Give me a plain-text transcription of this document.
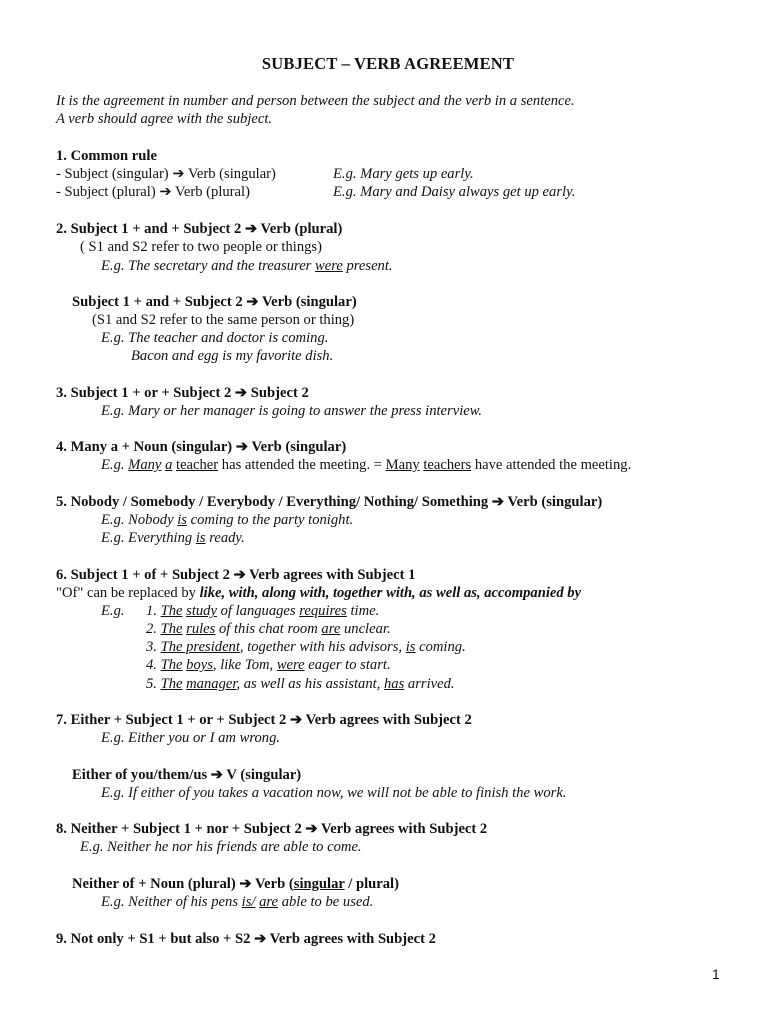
SUBJECT – VERB AGREEMENT
It is the agreement in number and person between the subject and the verb in a sentence.
A verb should agree with the subject.
1. Common rule
- Subject (singular) ➔ Verb (singular)	E.g. Mary gets up early.
- Subject (plural) ➔ Verb (plural)	E.g. Mary and Daisy always get up early.
2. Subject 1 + and + Subject 2 ➔ Verb (plural)
( S1 and S2 refer to two people or things)
E.g. The secretary and the treasurer were present.
Subject 1 + and + Subject 2 ➔ Verb (singular)
(S1 and S2 refer to the same person or thing)
E.g. The teacher and doctor is coming.
Bacon and egg is my favorite dish.
3. Subject 1 + or + Subject 2 ➔ Subject 2
E.g. Mary or her manager is going to answer the press interview.
4. Many a + Noun (singular) ➔ Verb (singular)
E.g. Many a teacher has attended the meeting. = Many teachers have attended the meeting.
5. Nobody / Somebody / Everybody / Everything/ Nothing/ Something ➔ Verb (singular)
E.g. Nobody is coming to the party tonight.
E.g. Everything is ready.
6. Subject 1 + of + Subject 2 ➔ Verb agrees with Subject 1
"Of" can be replaced by like, with, along with, together with, as well as, accompanied by
E.g. 1. The study of languages requires time.
2. The rules of this chat room are unclear.
3. The president, together with his advisors, is coming.
4. The boys, like Tom, were eager to start.
5. The manager, as well as his assistant, has arrived.
7. Either + Subject 1 + or + Subject 2 ➔ Verb agrees with Subject 2
E.g. Either you or I am wrong.
Either of you/them/us ➔ V (singular)
E.g. If either of you takes a vacation now, we will not be able to finish the work.
8. Neither + Subject 1 + nor + Subject 2 ➔ Verb agrees with Subject 2
E.g. Neither he nor his friends are able to come.
Neither of + Noun (plural) ➔ Verb (singular / plural)
E.g. Neither of his pens is/ are able to be used.
9. Not only + S1 + but also + S2 ➔ Verb agrees with Subject 2
1
